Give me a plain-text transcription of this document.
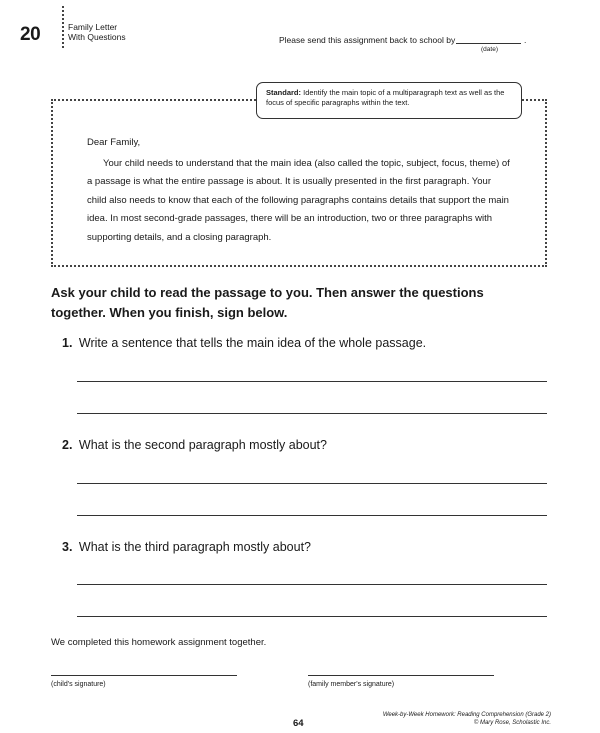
20	Family Letter
With Questions	Please send this assignment back to school by	.
(date)
Standard: Identify the main topic of a multiparagraph text as well as the focus of specific paragraphs within the text.
Dear Family,

Your child needs to understand that the main idea (also called the topic, subject, focus, theme) of a passage is what the entire passage is about. It is usually presented in the first paragraph. Your child also needs to know that each of the following paragraphs contains details that support the main idea. In most second-grade passages, there will be an introduction, two or three paragraphs with supporting details, and a closing paragraph.

Ask your child to read the passage to you. Then answer the questions together. When you finish, sign below.
1. Write a sentence that tells the main idea of the whole passage.
2. What is the second paragraph mostly about?
3. What is the third paragraph mostly about?
We completed this homework assignment together.
(child's signature)	(family member's signature)
64
Week-by-Week Homework: Reading Comprehension (Grade 2)
© Mary Rose, Scholastic Inc.
